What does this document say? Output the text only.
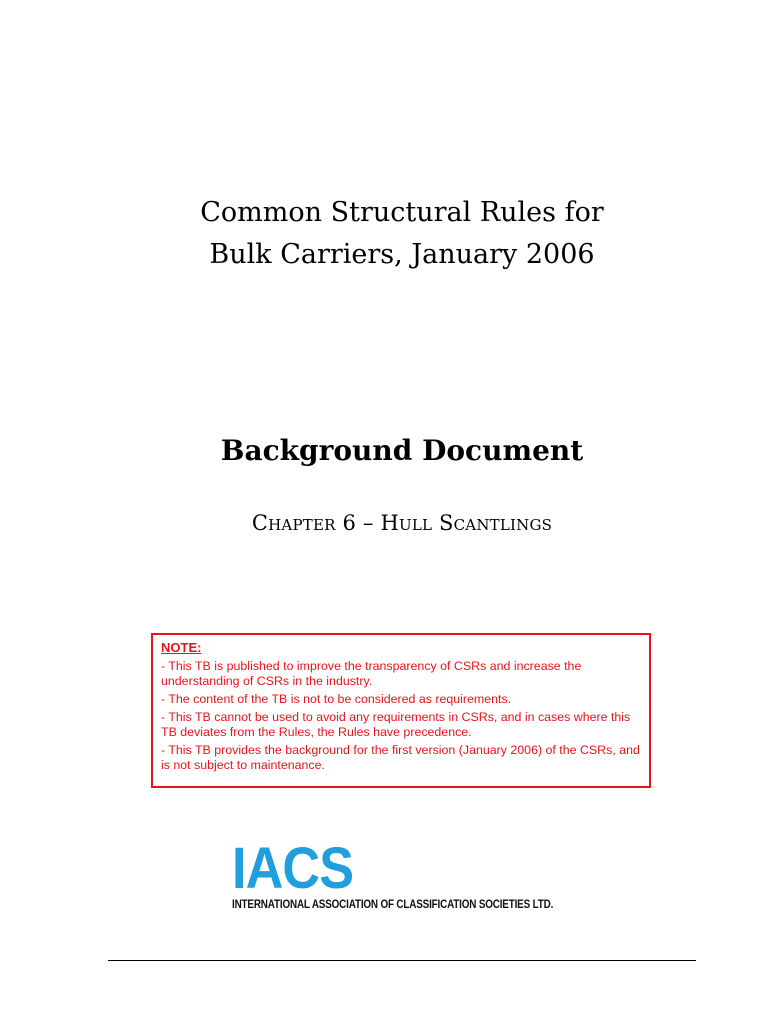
Common Structural Rules for
Bulk Carriers, January 2006
Background Document
Chapter 6 – Hull Scantlings
NOTE:
- This TB is published to improve the transparency of CSRs and increase the understanding of CSRs in the industry.
- The content of the TB is not to be considered as requirements.
- This TB cannot be used to avoid any requirements in CSRs, and in cases where this TB deviates from the Rules, the Rules have precedence.
- This TB provides the background for the first version (January 2006) of the CSRs, and is not subject to maintenance.
IACS
INTERNATIONAL ASSOCIATION OF CLASSIFICATION SOCIETIES LTD.
